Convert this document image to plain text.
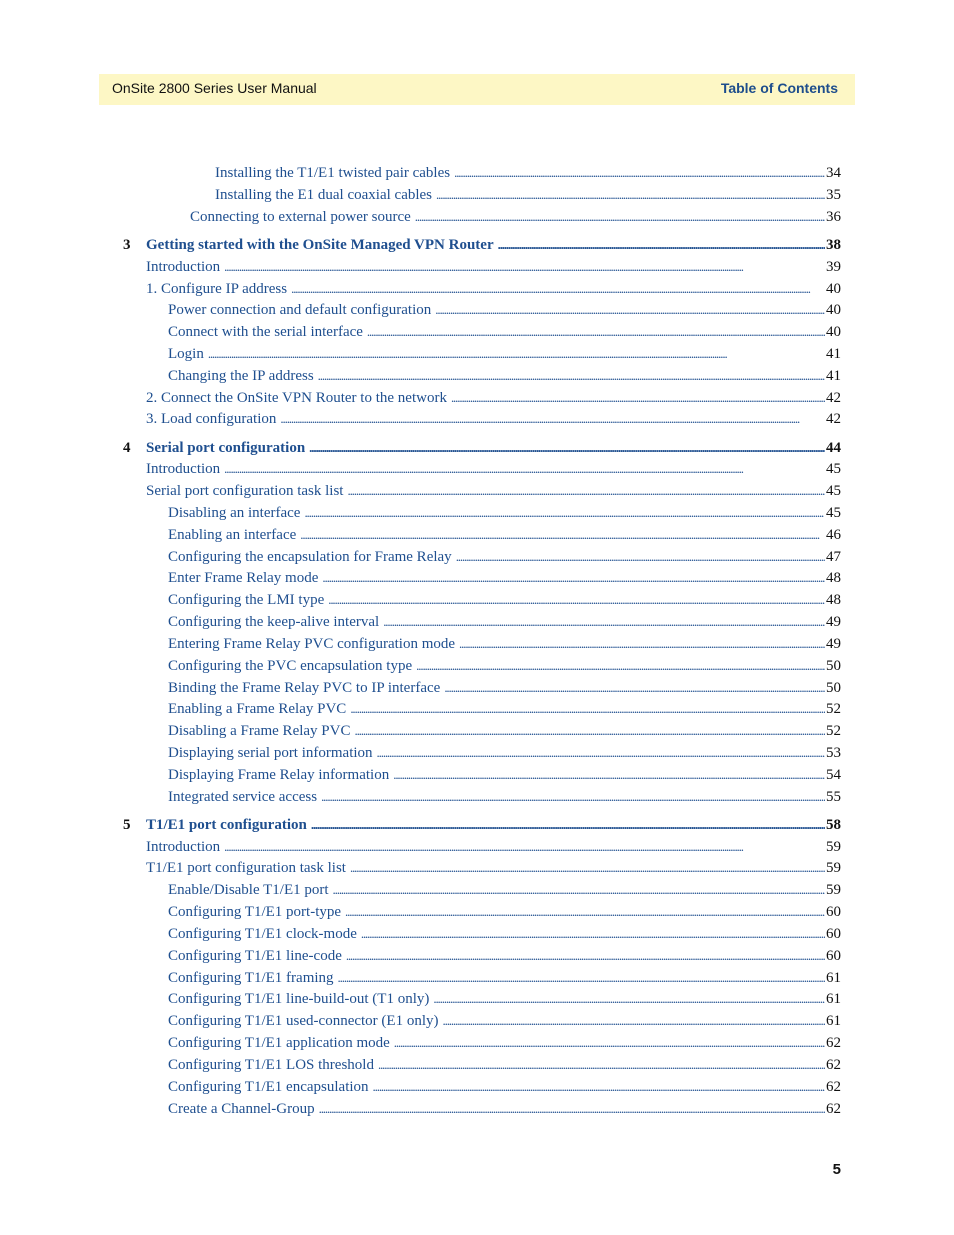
OnSite 2800 Series User Manual	Table of Contents
Installing the T1/E1 twisted pair cables . . .	34
Installing the E1 dual coaxial cables . . .	35
Connecting to external power source . . .	36
3	Getting started with the OnSite Managed VPN Router . . .	38
Introduction . . .	39
1. Configure IP address . . .	40
Power connection and default configuration . . .	40
Connect with the serial interface . . .	40
Login . . .	41
Changing the IP address . . .	41
2. Connect the OnSite VPN Router to the network . . .	42
3. Load configuration . . .	42
4	Serial port configuration . . .	44
Introduction . . .	45
Serial port configuration task list . . .	45
Disabling an interface . . .	45
Enabling an interface . . .	46
Configuring the encapsulation for Frame Relay . . .	47
Enter Frame Relay mode . . .	48
Configuring the LMI type . . .	48
Configuring the keep-alive interval . . .	49
Entering Frame Relay PVC configuration mode . . .	49
Configuring the PVC encapsulation type . . .	50
Binding the Frame Relay PVC to IP interface . . .	50
Enabling a Frame Relay PVC . . .	52
Disabling a Frame Relay PVC . . .	52
Displaying serial port information . . .	53
Displaying Frame Relay information . . .	54
Integrated service access . . .	55
5	T1/E1 port configuration . . .	58
Introduction . . .	59
T1/E1 port configuration task list . . .	59
Enable/Disable T1/E1 port . . .	59
Configuring T1/E1 port-type . . .	60
Configuring T1/E1 clock-mode . . .	60
Configuring T1/E1 line-code . . .	60
Configuring T1/E1 framing . . .	61
Configuring T1/E1 line-build-out (T1 only) . . .	61
Configuring T1/E1 used-connector (E1 only) . . .	61
Configuring T1/E1 application mode . . .	62
Configuring T1/E1 LOS threshold . . .	62
Configuring T1/E1 encapsulation . . .	62
Create a Channel-Group . . .	62
5
